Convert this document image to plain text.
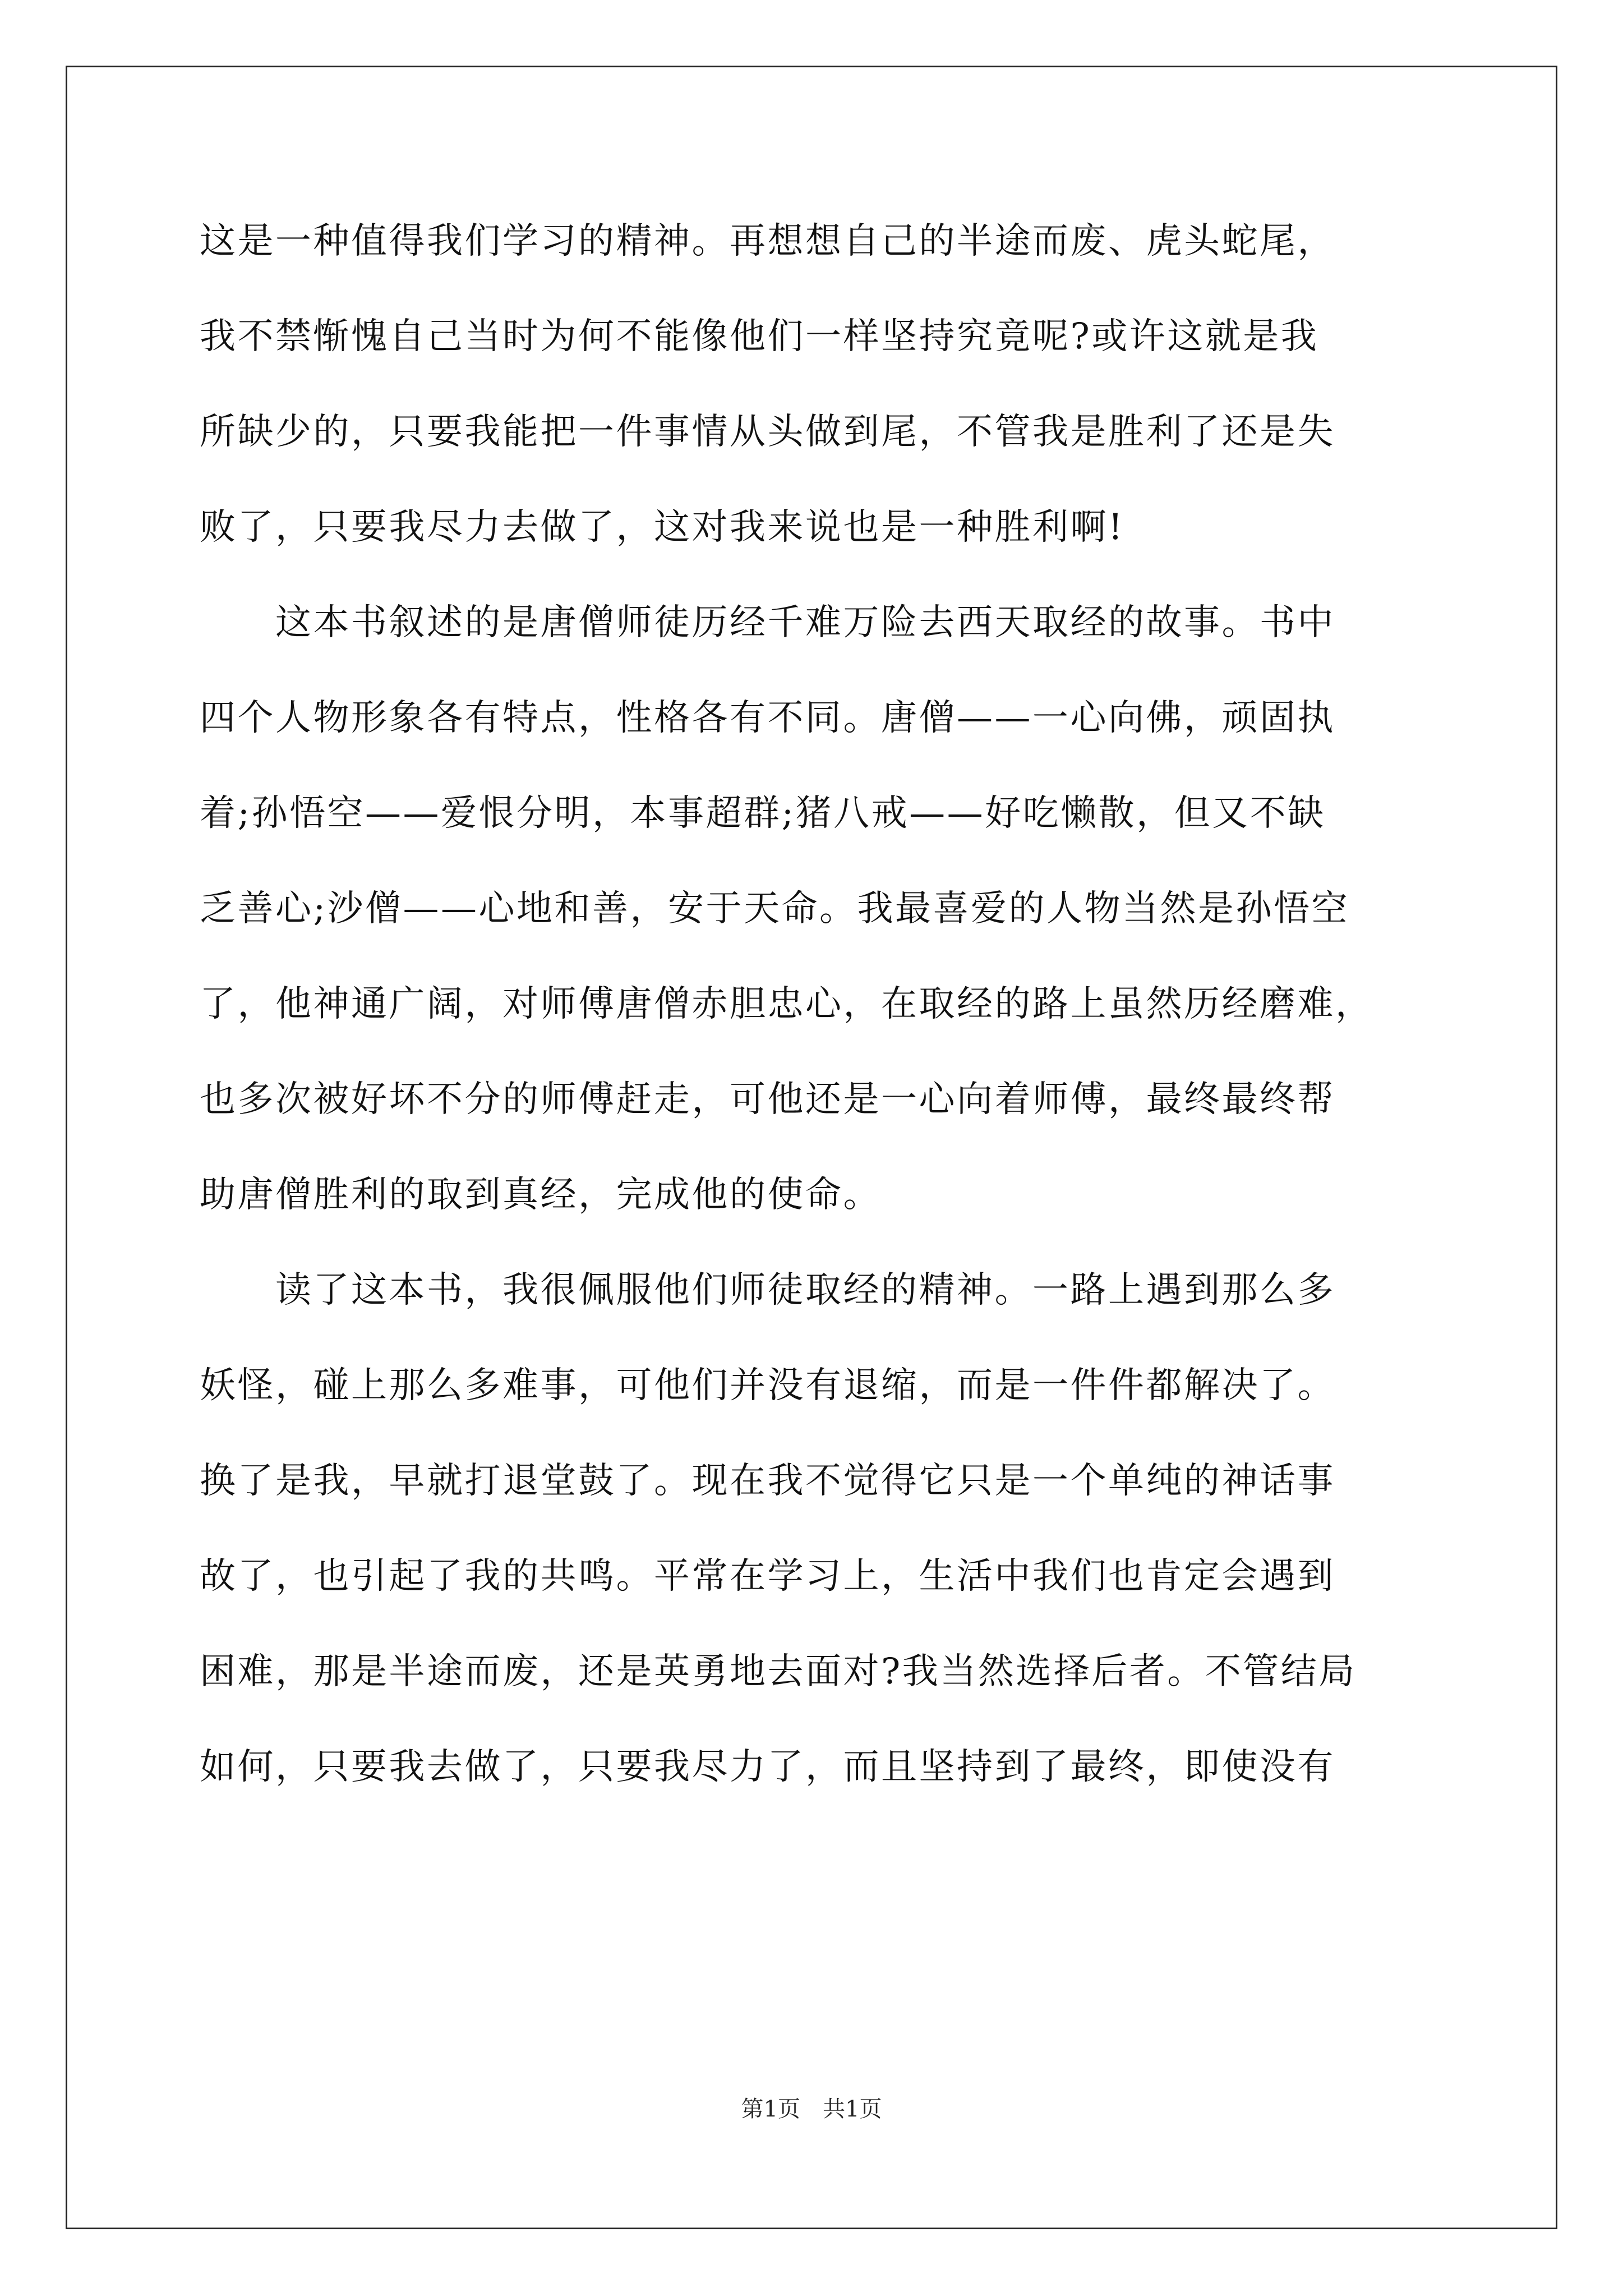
这是一种值得我们学习的精神。再想想自己的半途而废、虎头蛇尾，
我不禁惭愧自己当时为何不能像他们一样坚持究竟呢?或许这就是我
所缺少的，只要我能把一件事情从头做到尾，不管我是胜利了还是失
败了，只要我尽力去做了，这对我来说也是一种胜利啊!
　　这本书叙述的是唐僧师徒历经千难万险去西天取经的故事。书中
四个人物形象各有特点，性格各有不同。唐僧——一心向佛，顽固执
着;孙悟空——爱恨分明，本事超群;猪八戒——好吃懒散，但又不缺
乏善心;沙僧——心地和善，安于天命。我最喜爱的人物当然是孙悟空
了，他神通广阔，对师傅唐僧赤胆忠心，在取经的路上虽然历经磨难，
也多次被好坏不分的师傅赶走，可他还是一心向着师傅，最终最终帮
助唐僧胜利的取到真经，完成他的使命。
　　读了这本书，我很佩服他们师徒取经的精神。一路上遇到那么多
妖怪，碰上那么多难事，可他们并没有退缩，而是一件件都解决了。
换了是我，早就打退堂鼓了。现在我不觉得它只是一个单纯的神话事
故了，也引起了我的共鸣。平常在学习上，生活中我们也肯定会遇到
困难，那是半途而废，还是英勇地去面对?我当然选择后者。不管结局
如何，只要我去做了，只要我尽力了，而且坚持到了最终，即使没有
第1页　共1页
